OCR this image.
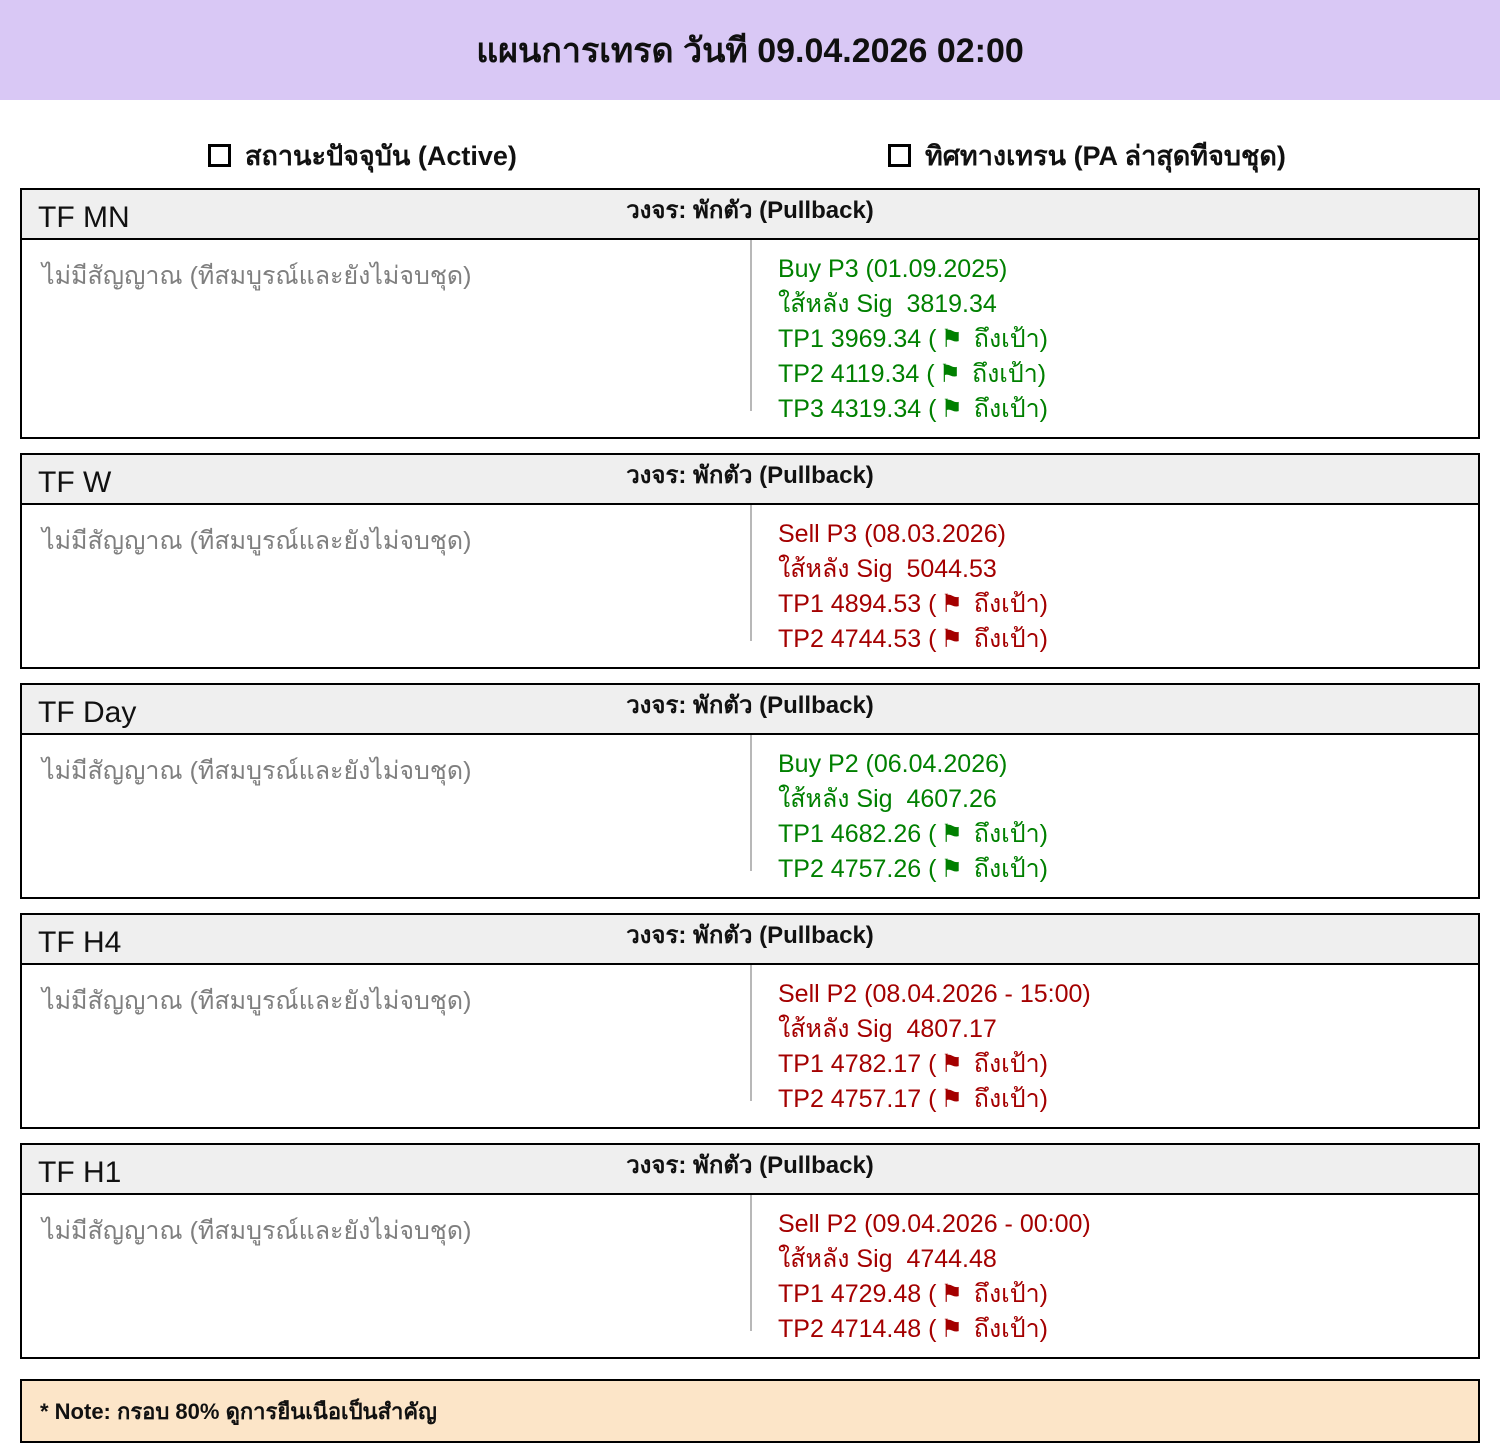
แผนการเทรด วันที 09.04.2026 02:00
สถานะปัจจุบัน (Active)	ทิศทางเทรน (PA ล่าสุดทีจบชุด)
วงจร: พักตัว (Pullback)
TF MN
ไม่มีสัญญาณ (ทีสมบูรณ์และยังไม่จบชุด)	Buy P3 (01.09.2025)
ใส้หลัง Sig  3819.34
TP1 3969.34 ( ⚑ ถึงเป้า)
TP2 4119.34 ( ⚑ ถึงเป้า)
TP3 4319.34 ( ⚑ ถึงเป้า)
วงจร: พักตัว (Pullback)
TF W
ไม่มีสัญญาณ (ทีสมบูรณ์และยังไม่จบชุด)	Sell P3 (08.03.2026)
ใส้หลัง Sig  5044.53
TP1 4894.53 ( ⚑ ถึงเป้า)
TP2 4744.53 ( ⚑ ถึงเป้า)
วงจร: พักตัว (Pullback)
TF Day
ไม่มีสัญญาณ (ทีสมบูรณ์และยังไม่จบชุด)	Buy P2 (06.04.2026)
ใส้หลัง Sig  4607.26
TP1 4682.26 ( ⚑ ถึงเป้า)
TP2 4757.26 ( ⚑ ถึงเป้า)
วงจร: พักตัว (Pullback)
TF H4
ไม่มีสัญญาณ (ทีสมบูรณ์และยังไม่จบชุด)	Sell P2 (08.04.2026 - 15:00)
ใส้หลัง Sig  4807.17
TP1 4782.17 ( ⚑ ถึงเป้า)
TP2 4757.17 ( ⚑ ถึงเป้า)
วงจร: พักตัว (Pullback)
TF H1
ไม่มีสัญญาณ (ทีสมบูรณ์และยังไม่จบชุด)	Sell P2 (09.04.2026 - 00:00)
ใส้หลัง Sig  4744.48
TP1 4729.48 ( ⚑ ถึงเป้า)
TP2 4714.48 ( ⚑ ถึงเป้า)
* Note: กรอบ 80% ดูการยืนเนือเป็นสำคัญ
